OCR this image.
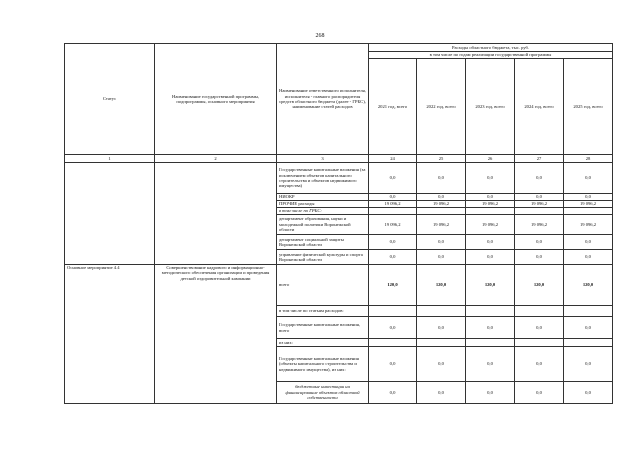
268
Статус	Наименование государственной программы, подпрограммы, основного мероприятия	Наименование ответственного исполнителя, исполнителя - главного распорядителя средств областного бюджета (далее - ГРБС), наименование статей расходов	Расходы областного бюджета, тыс. руб.				
			в том числе по годам реализации государственной программы				
			2021 год, всего	2022 год, всего	2023 год, всего	2024 год, всего	2025 год, всего
1	2	3	24	25	26	27	28
		Государственные капитальные вложения (за исключением объектов капитального строительства и объектов недвижимого имущества)	0,0	0,0	0,0	0,0	0,0
		НИОКР	0,0	0,0	0,0	0,0	0,0
		ПРОЧИЕ расходы	19 096,2	19 096,2	19 096,2	19 096,2	19 096,2
		в том числе по ГРБС:					
		департамент образования, науки и молодежной политики Воронежской области	19 096,2	19 096,2	19 096,2	19 096,2	19 096,2
		департамент социальной защиты Воронежской области	0,0	0,0	0,0	0,0	0,0
		управление физической культуры и спорта Воронежской области	0,0	0,0	0,0	0,0	0,0
Основное мероприятие 4.4	Совершенствование кадрового и информационно-методического обеспечения организации и проведения детской оздоровительной кампании	всего	120,0	120,0	120,0	120,0	120,0
		в том числе по статьям расходов:					
		Государственные капитальные вложения, всего	0,0	0,0	0,0	0,0	0,0
		из них:					
		Государственные капитальные вложения (объекты капитального строительства и недвижимого имущества), из них:	0,0	0,0	0,0	0,0	0,0
		бюджетные инвестиции на финансирование объектов областной собственности	0,0	0,0	0,0	0,0	0,0
